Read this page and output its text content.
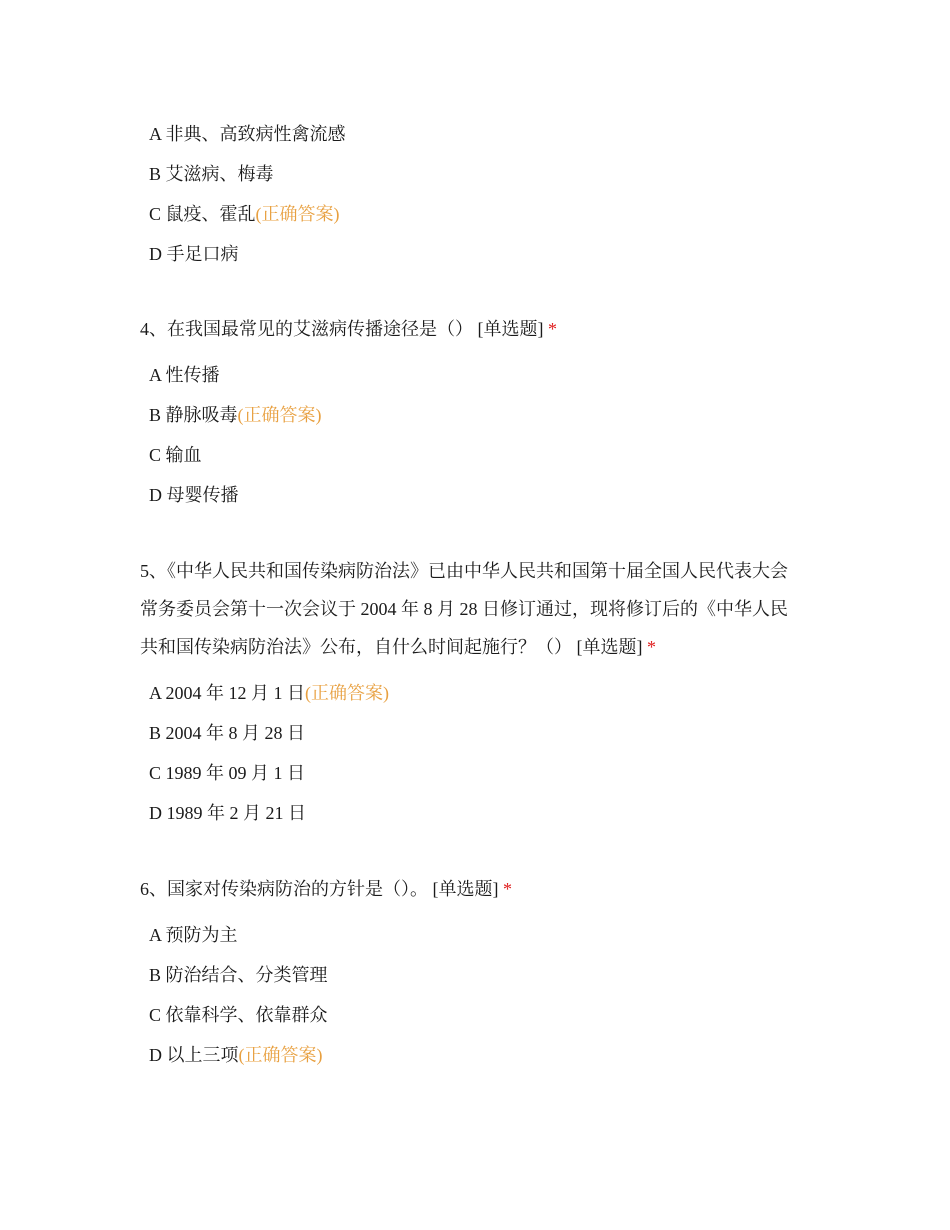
A 非典、高致病性禽流感
B 艾滋病、梅毒
C 鼠疫、霍乱(正确答案)
D 手足口病
4、在我国最常见的艾滋病传播途径是（） [单选题] *
A 性传播
B 静脉吸毒(正确答案)
C 输血
D 母婴传播
5、《中华人民共和国传染病防治法》已由中华人民共和国第十届全国人民代表大会常务委员会第十一次会议于 2004 年 8 月 28 日修订通过，现将修订后的《中华人民共和国传染病防治法》公布，自什么时间起施行？（） [单选题] *
A 2004 年 12 月 1 日(正确答案)
B 2004 年 8 月 28 日
C 1989 年 09 月 1 日
D 1989 年 2 月 21 日
6、国家对传染病防治的方针是（）。 [单选题] *
A 预防为主
B 防治结合、分类管理
C 依靠科学、依靠群众
D 以上三项(正确答案)
